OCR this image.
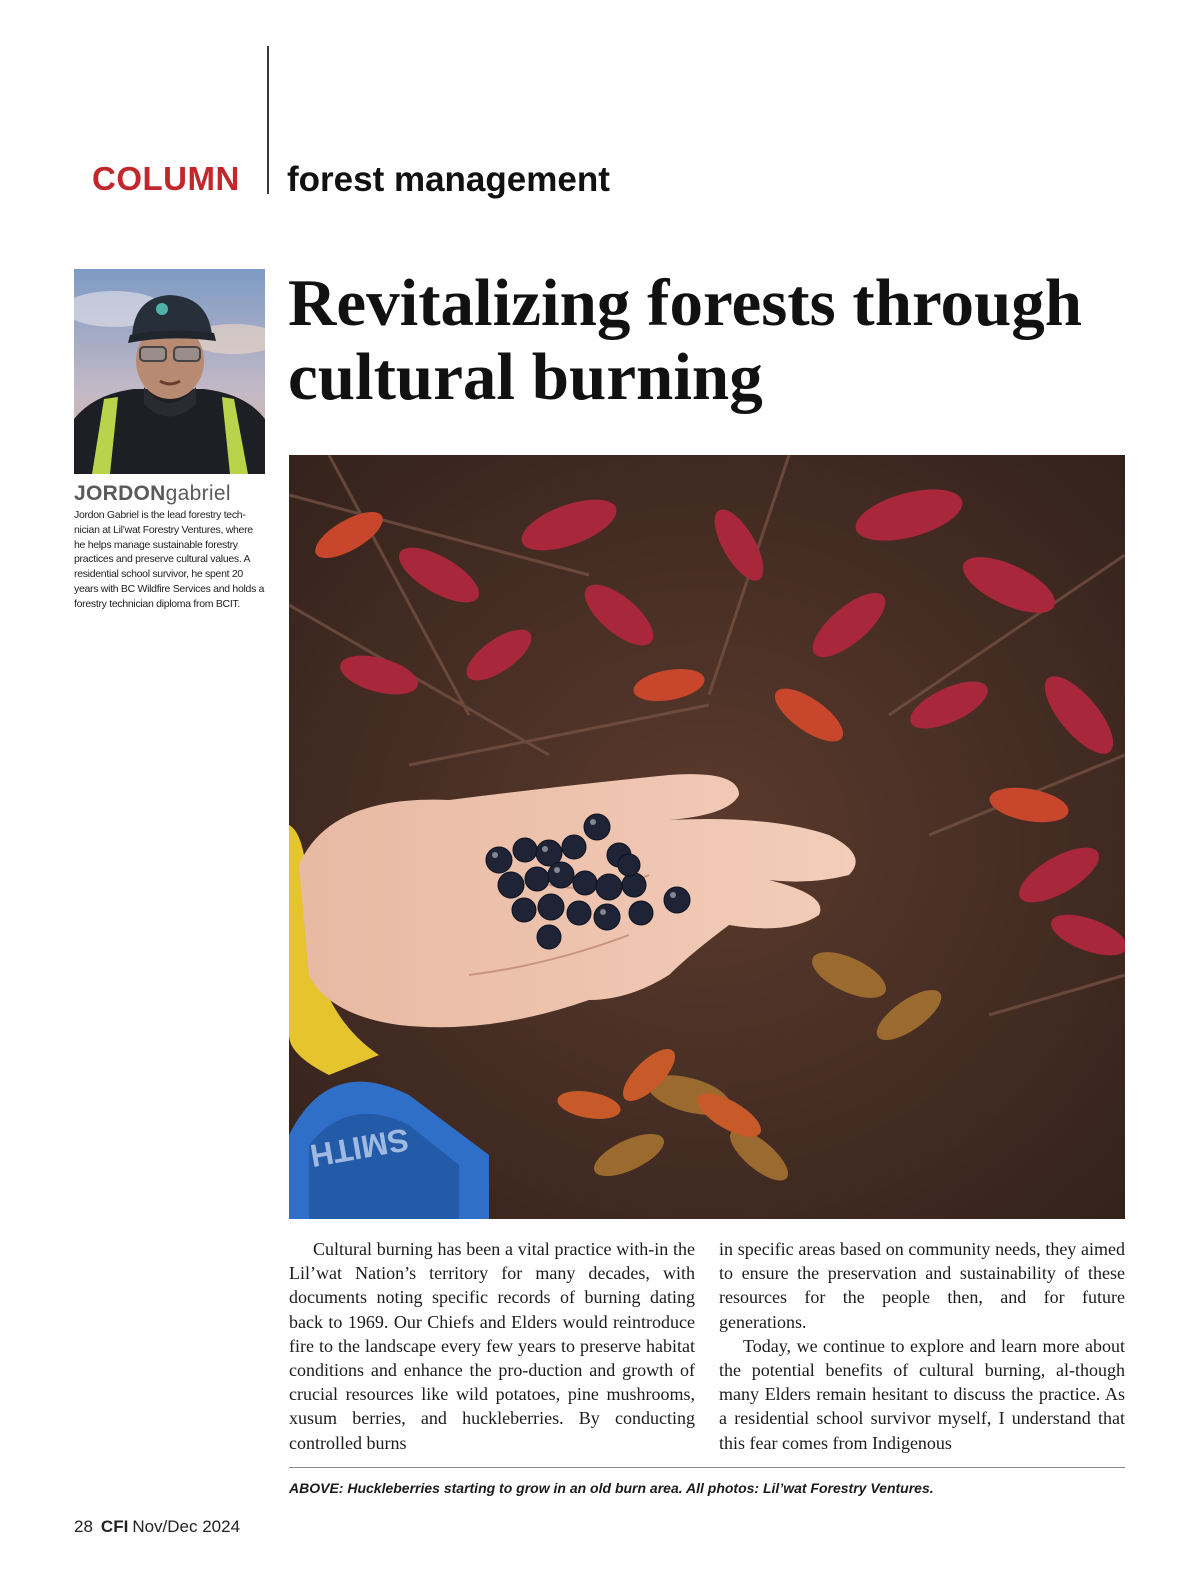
COLUMN forest management
Revitalizing forests through cultural burning
JORDONgabriel

Jordon Gabriel is the lead forestry tech-nician at Lil’wat Forestry Ventures, where he helps manage sustainable forestry practices and preserve cultural values. A residential school survivor, he spent 20 years with BC Wildfire Services and holds a forestry technician diploma from BCIT.

SMITH

Cultural burning has been a vital practice with-in the Lil’wat Nation’s territory for many decades, with documents noting specific records of burning dating back to 1969. Our Chiefs and Elders would reintroduce fire to the landscape every few years to preserve habitat conditions and enhance the pro-duction and growth of crucial resources like wild potatoes, pine mushrooms, xusum berries, and huckleberries. By conducting controlled burns

in specific areas based on community needs, they aimed to ensure the preservation and sustainability of these resources for the people then, and for future generations.

Today, we continue to explore and learn more about the potential benefits of cultural burning, al-though many Elders remain hesitant to discuss the practice. As a residential school survivor myself, I understand that this fear comes from Indigenous

ABOVE: Huckleberries starting to grow in an old burn area. All photos: Lil’wat Forestry Ventures.
28 CFI Nov/Dec 2024
